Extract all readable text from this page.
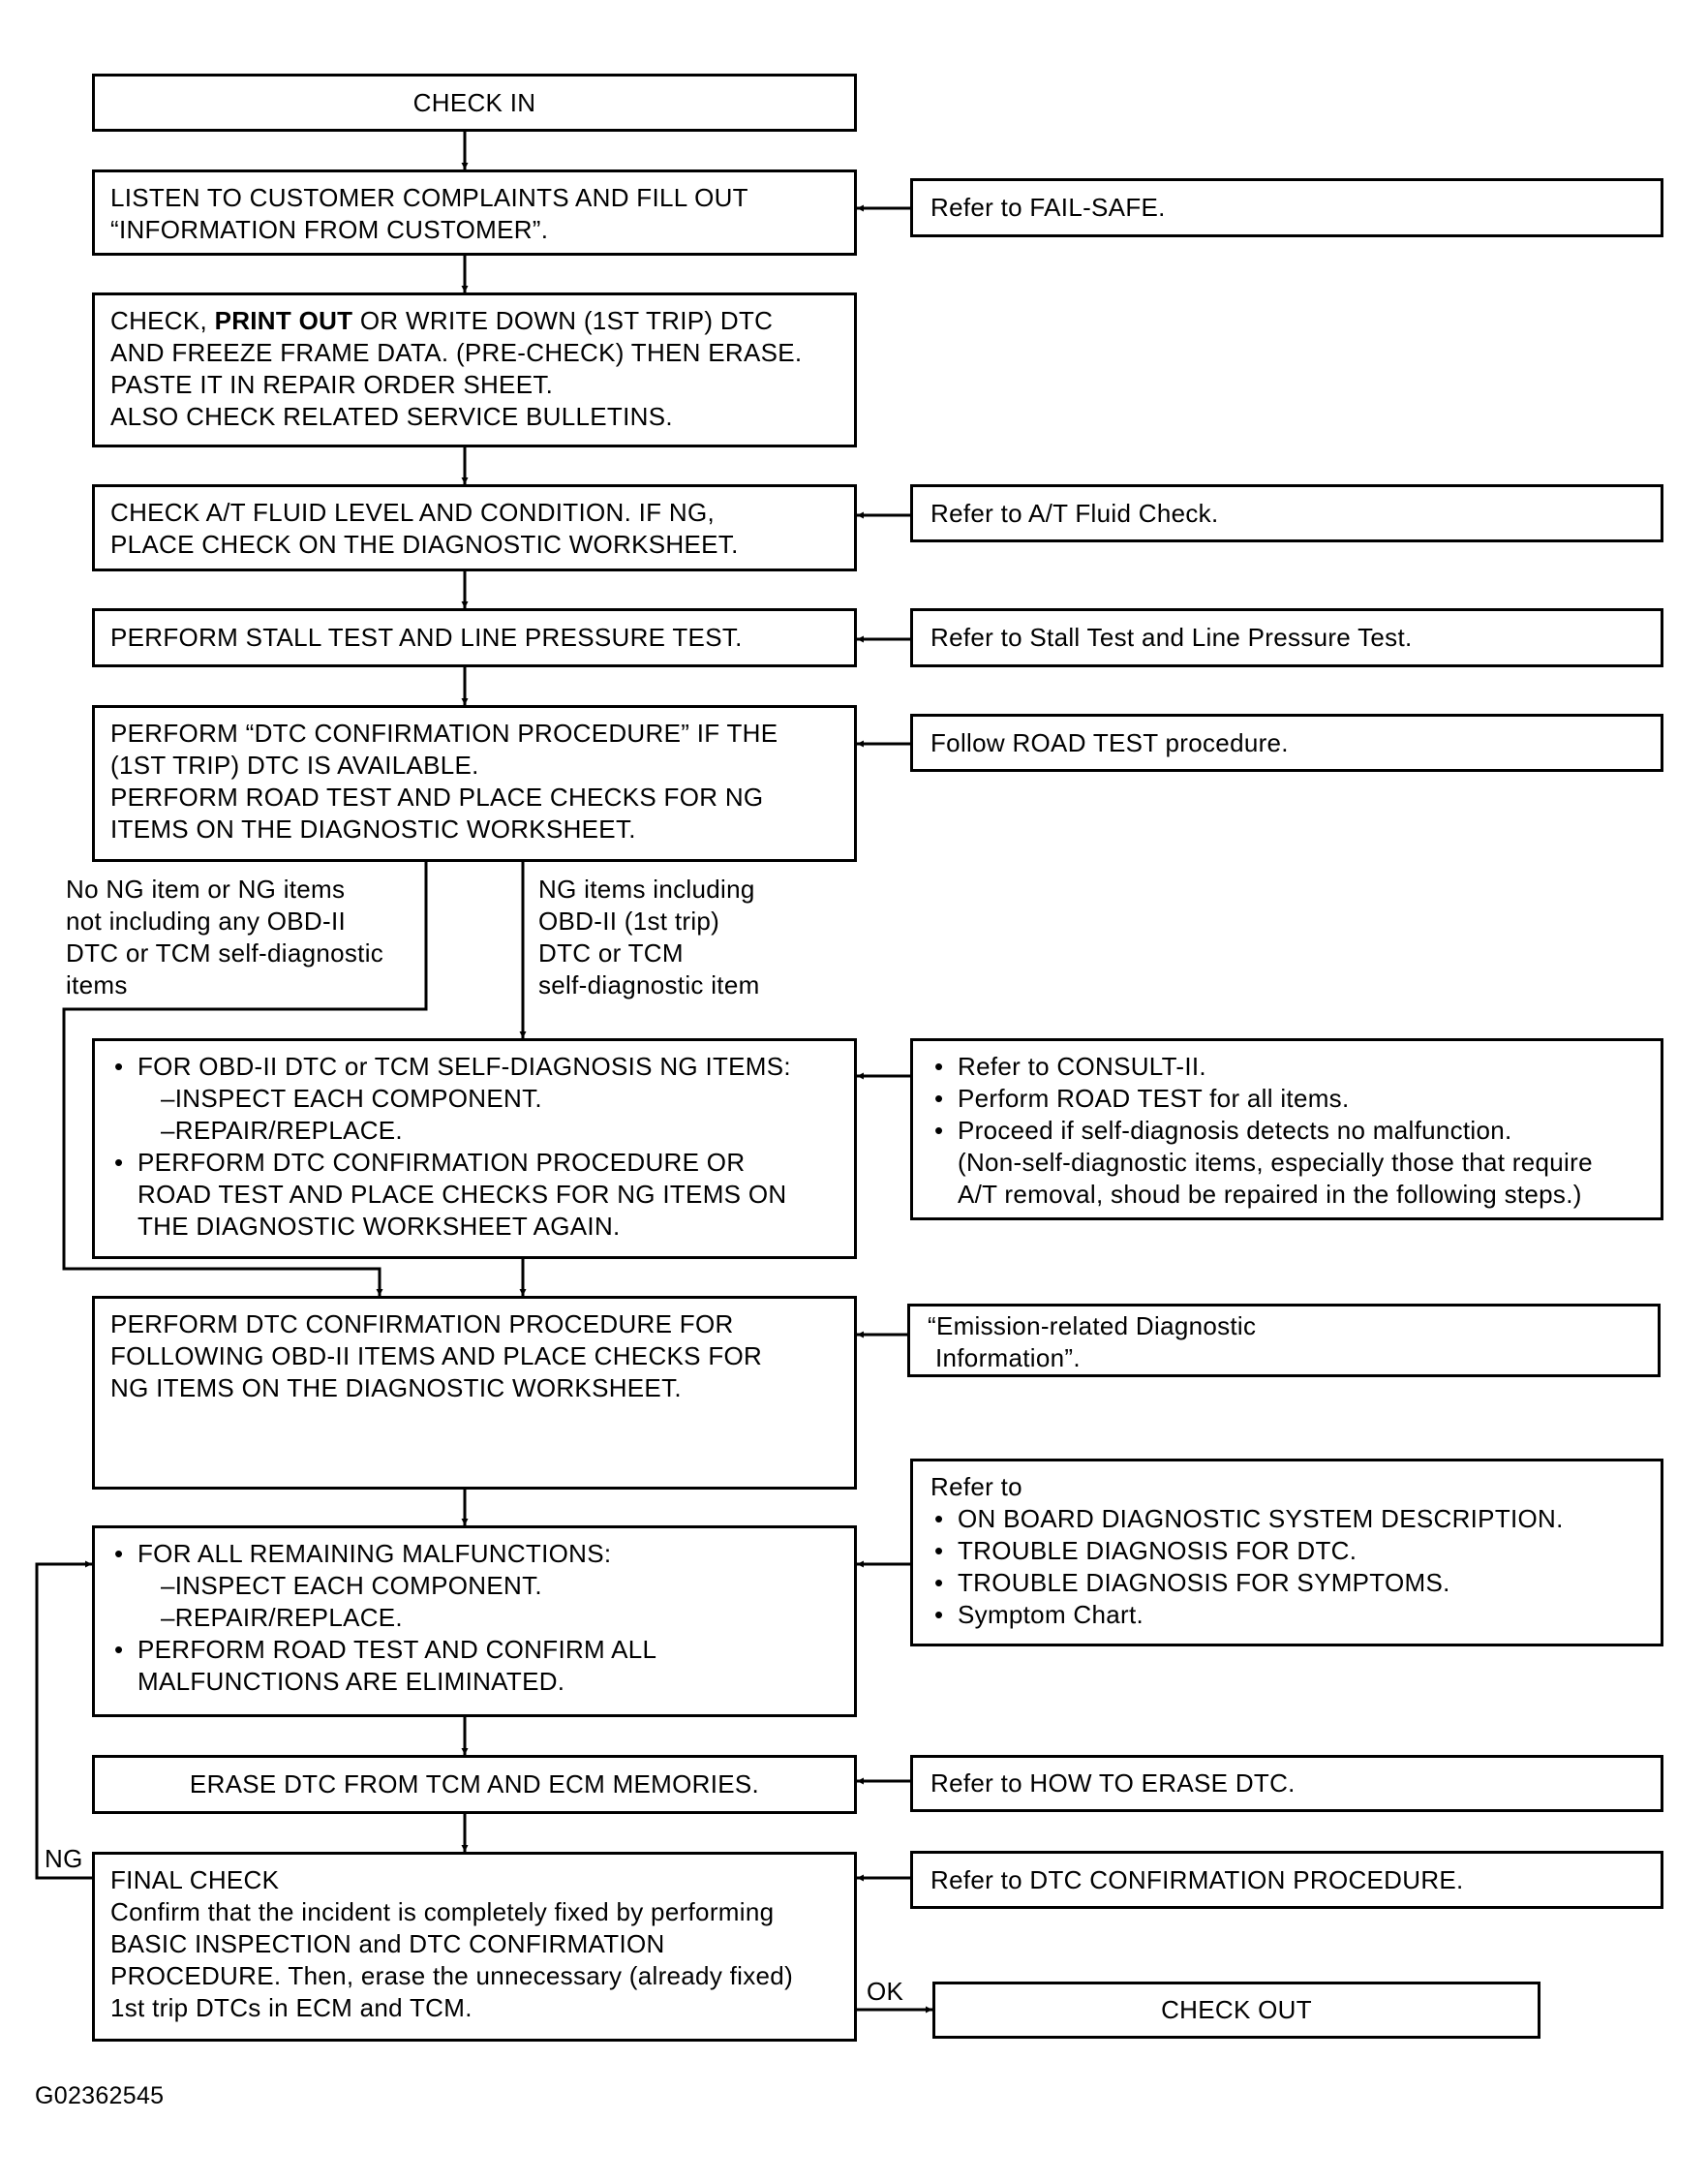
CHECK IN
LISTEN TO CUSTOMER COMPLAINTS AND FILL OUT
“INFORMATION FROM CUSTOMER”.
CHECK, PRINT OUT OR WRITE DOWN (1ST TRIP) DTC
AND FREEZE FRAME DATA. (PRE-CHECK) THEN ERASE.
PASTE IT IN REPAIR ORDER SHEET.
ALSO CHECK RELATED SERVICE BULLETINS.
CHECK A/T FLUID LEVEL AND CONDITION. IF NG,
PLACE CHECK ON THE DIAGNOSTIC WORKSHEET.
PERFORM STALL TEST AND LINE PRESSURE TEST.
PERFORM “DTC CONFIRMATION PROCEDURE” IF THE
(1ST TRIP) DTC IS AVAILABLE.
PERFORM ROAD TEST AND PLACE CHECKS FOR NG
ITEMS ON THE DIAGNOSTIC WORKSHEET.
No NG item or NG items
not including any OBD-II
DTC or TCM self-diagnostic
items
NG items including
OBD-II (1st trip)
DTC or TCM
self-diagnostic item
• FOR OBD-II DTC or TCM SELF-DIAGNOSIS NG ITEMS:
–INSPECT EACH COMPONENT.
–REPAIR/REPLACE.
• PERFORM DTC CONFIRMATION PROCEDURE OR
ROAD TEST AND PLACE CHECKS FOR NG ITEMS ON
THE DIAGNOSTIC WORKSHEET AGAIN.
PERFORM DTC CONFIRMATION PROCEDURE FOR
FOLLOWING OBD-II ITEMS AND PLACE CHECKS FOR
NG ITEMS ON THE DIAGNOSTIC WORKSHEET.
• FOR ALL REMAINING MALFUNCTIONS:
–INSPECT EACH COMPONENT.
–REPAIR/REPLACE.
• PERFORM ROAD TEST AND CONFIRM ALL
MALFUNCTIONS ARE ELIMINATED.
ERASE DTC FROM TCM AND ECM MEMORIES.
FINAL CHECK
Confirm that the incident is completely fixed by performing
BASIC INSPECTION and DTC CONFIRMATION
PROCEDURE. Then, erase the unnecessary (already fixed)
1st trip DTCs in ECM and TCM.	CHECK OUT
NG
OK
Refer to FAIL-SAFE.
Refer to A/T Fluid Check.
Refer to Stall Test and Line Pressure Test.
Follow ROAD TEST procedure.
• Refer to CONSULT-II.
• Perform ROAD TEST for all items.
• Proceed if self-diagnosis detects no malfunction.
(Non-self-diagnostic items, especially those that require
A/T removal, shoud be repaired in the following steps.)
“Emission-related Diagnostic
Information”.
Refer to
• ON BOARD DIAGNOSTIC SYSTEM DESCRIPTION.
• TROUBLE DIAGNOSIS FOR DTC.
• TROUBLE DIAGNOSIS FOR SYMPTOMS.
• Symptom Chart.
Refer to HOW TO ERASE DTC.
Refer to DTC CONFIRMATION PROCEDURE.
G02362545
